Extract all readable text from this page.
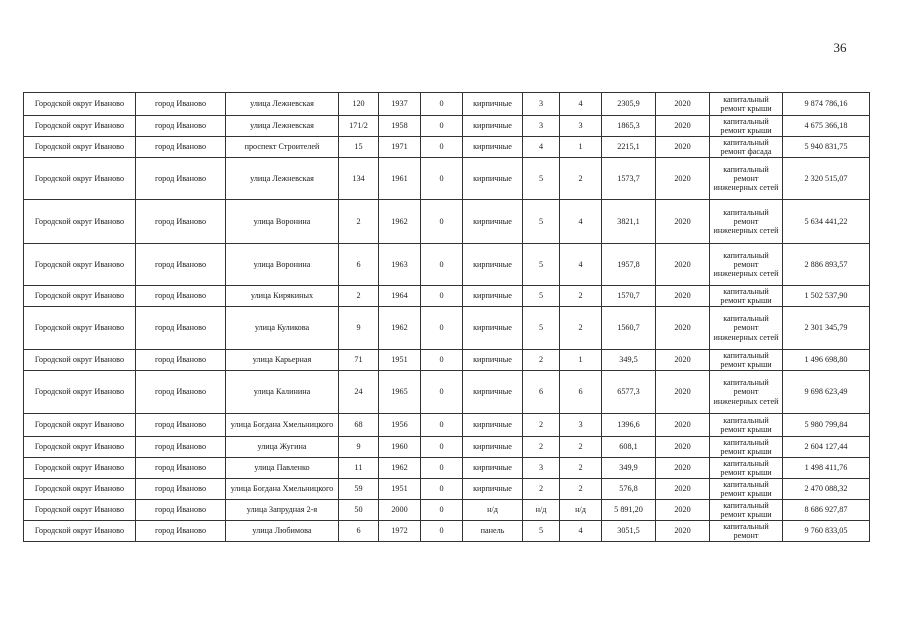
36
Городской округ Иваново	город Иваново	улица Лежневская	120	1937	0	кирпичные	3	4	2305,9	2020	капитальный ремонт крыши	9 874 786,16
Городской округ Иваново	город Иваново	улица Лежневская	171/2	1958	0	кирпичные	3	3	1865,3	2020	капитальный ремонт крыши	4 675 366,18
Городской округ Иваново	город Иваново	проспект Строителей	15	1971	0	кирпичные	4	1	2215,1	2020	капитальный ремонт фасада	5 940 831,75
Городской округ Иваново	город Иваново	улица Лежневская	134	1961	0	кирпичные	5	2	1573,7	2020	капитальный ремонт инженерных сетей	2 320 515,07
Городской округ Иваново	город Иваново	улица Воронина	2	1962	0	кирпичные	5	4	3821,1	2020	капитальный ремонт инженерных сетей	5 634 441,22
Городской округ Иваново	город Иваново	улица Воронина	6	1963	0	кирпичные	5	4	1957,8	2020	капитальный ремонт инженерных сетей	2 886 893,57
Городской округ Иваново	город Иваново	улица Кирякиных	2	1964	0	кирпичные	5	2	1570,7	2020	капитальный ремонт крыши	1 502 537,90
Городской округ Иваново	город Иваново	улица Куликова	9	1962	0	кирпичные	5	2	1560,7	2020	капитальный ремонт инженерных сетей	2 301 345,79
Городской округ Иваново	город Иваново	улица Карьерная	71	1951	0	кирпичные	2	1	349,5	2020	капитальный ремонт крыши	1 496 698,80
Городской округ Иваново	город Иваново	улица Калинина	24	1965	0	кирпичные	6	6	6577,3	2020	капитальный ремонт инженерных сетей	9 698 623,49
Городской округ Иваново	город Иваново	улица Богдана Хмельницкого	68	1956	0	кирпичные	2	3	1396,6	2020	капитальный ремонт крыши	5 980 799,84
Городской округ Иваново	город Иваново	улица Жугина	9	1960	0	кирпичные	2	2	608,1	2020	капитальный ремонт крыши	2 604 127,44
Городской округ Иваново	город Иваново	улица Павленко	11	1962	0	кирпичные	3	2	349,9	2020	капитальный ремонт крыши	1 498 411,76
Городской округ Иваново	город Иваново	улица Богдана Хмельницкого	59	1951	0	кирпичные	2	2	576,8	2020	капитальный ремонт крыши	2 470 088,32
Городской округ Иваново	город Иваново	улица Запрудная 2-я	50	2000	0	н/д	н/д	н/д	5 891,20	2020	капитальный ремонт крыши	8 686 927,87
Городской округ Иваново	город Иваново	улица Любимова	6	1972	0	панель	5	4	3051,5	2020	капитальный ремонт	9 760 833,05
